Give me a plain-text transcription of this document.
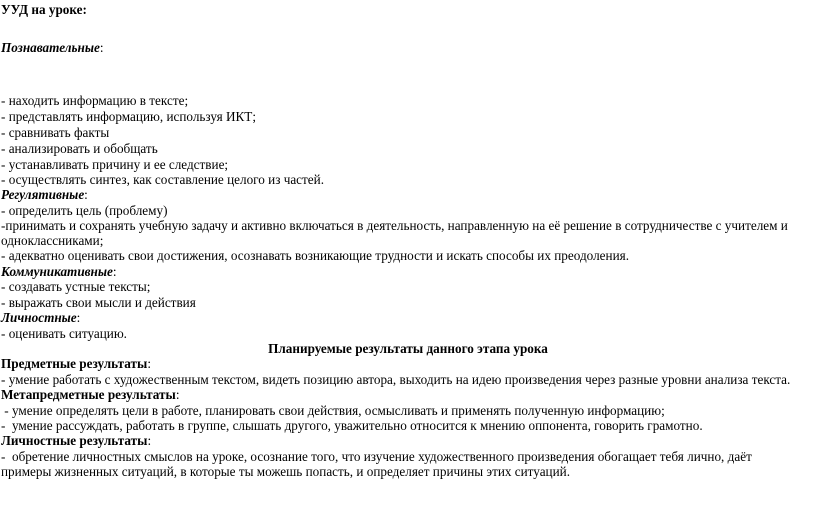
УУД на уроке:
Познавательные:
- находить информацию в тексте;
- представлять информацию, используя ИКТ;
- сравнивать факты
- анализировать и обобщать
- устанавливать причину и ее следствие;
- осуществлять синтез, как составление целого из частей.
Регулятивные:
- определить цель (проблему)
-принимать и сохранять учебную задачу и активно включаться в деятельность, направленную на её решение в сотрудничестве с учителем и
одноклассниками;
- адекватно оценивать свои достижения, осознавать возникающие трудности и искать способы их преодоления.
Коммуникативные:
- создавать устные тексты;
- выражать свои мысли и действия
Личностные:
- оценивать ситуацию.
Планируемые результаты данного этапа урока
Предметные результаты:
- умение работать с художественным текстом, видеть позицию автора, выходить на идею произведения через разные уровни анализа текста.
Метапредметные результаты:
- умение определять цели в работе, планировать свои действия, осмысливать и применять полученную информацию;
-  умение рассуждать, работать в группе, слышать другого, уважительно относится к мнению оппонента, говорить грамотно.
Личностные результаты:
-  обретение личностных смыслов на уроке, осознание того, что изучение художественного произведения обогащает тебя лично, даёт
примеры жизненных ситуаций, в которые ты можешь попасть, и определяет причины этих ситуаций.
